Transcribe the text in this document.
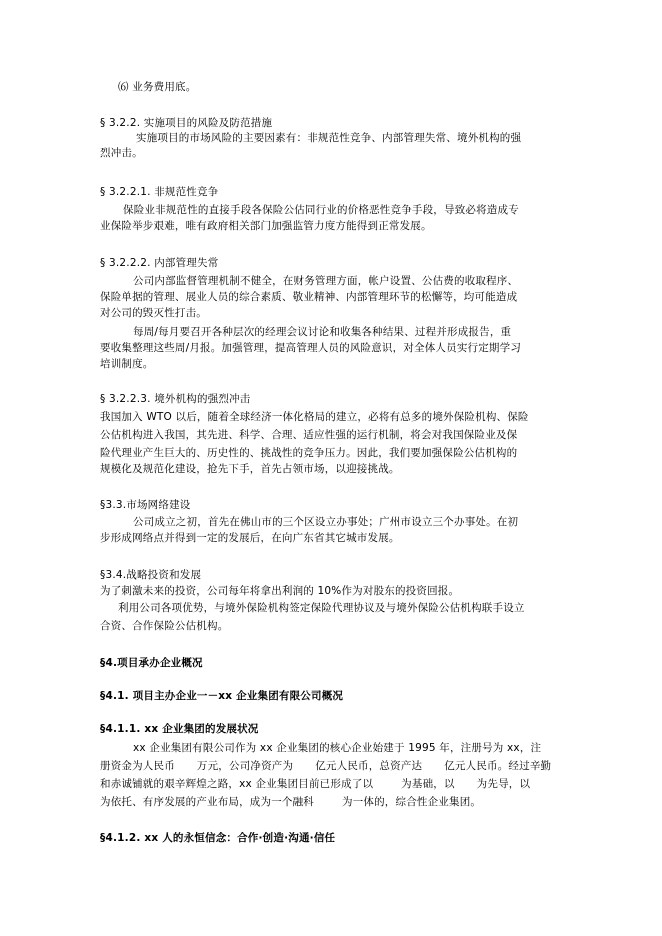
⑹ 业务费用底。
§ 3.2.2. 实施项目的风险及防范措施
实施项目的市场风险的主要因素有：非规范性竞争、内部管理失常、境外机构的强
烈冲击。
§ 3.2.2.1. 非规范性竞争
保险业非规范性的直接手段各保险公估同行业的价格恶性竞争手段，导致必将造成专
业保险举步艰难，唯有政府相关部门加强监管力度方能得到正常发展。
§ 3.2.2.2. 内部管理失常
公司内部监督管理机制不健全，在财务管理方面，帐户设置、公估费的收取程序、
保险单据的管理、展业人员的综合素质、敬业精神、内部管理环节的松懈等，均可能造成
对公司的毁灭性打击。
每周/每月要召开各种层次的经理会议讨论和收集各种结果、过程并形成报告，重
要收集整理这些周/月报。加强管理，提高管理人员的风险意识，对全体人员实行定期学习
培训制度。
§ 3.2.2.3. 境外机构的强烈冲击
我国加入 WTO 以后，随着全球经济一体化格局的建立，必将有总多的境外保险机构、保险
公估机构进入我国，其先进、科学、合理、适应性强的运行机制，将会对我国保险业及保
险代理业产生巨大的、历史性的、挑战性的竞争压力。因此，我们要加强保险公估机构的
规模化及规范化建设，抢先下手，首先占领市场，以迎接挑战。
§3.3.市场网络建设
公司成立之初，首先在佛山市的三个区设立办事处；广州市设立三个办事处。在初
步形成网络点并得到一定的发展后，在向广东省其它城市发展。
§3.4.战略投资和发展
为了刺激未来的投资，公司每年将拿出利润的 10%作为对股东的投资回报。
利用公司各项优势，与境外保险机构签定保险代理协议及与境外保险公估机构联手设立
合资、合作保险公估机构。
§4.项目承办企业概况
§4.1. 项目主办企业一－xx 企业集团有限公司概况
§4.1.1. xx 企业集团的发展状况
xx 企业集团有限公司作为 xx 企业集团的核心企业始建于 1995 年，注册号为 xx，注
册资金为人民币 万元，公司净资产为 亿元人民币，总资产达 亿元人民币。经过辛勤
和赤诚铺就的艰辛辉煌之路，xx 企业集团目前已形成了以	为基础，以 为先导，以
为依托、有序发展的产业布局，成为一个融科	为一体的，综合性企业集团。
§4.1.2. xx 人的永恒信念：合作·创造·沟通·信任
